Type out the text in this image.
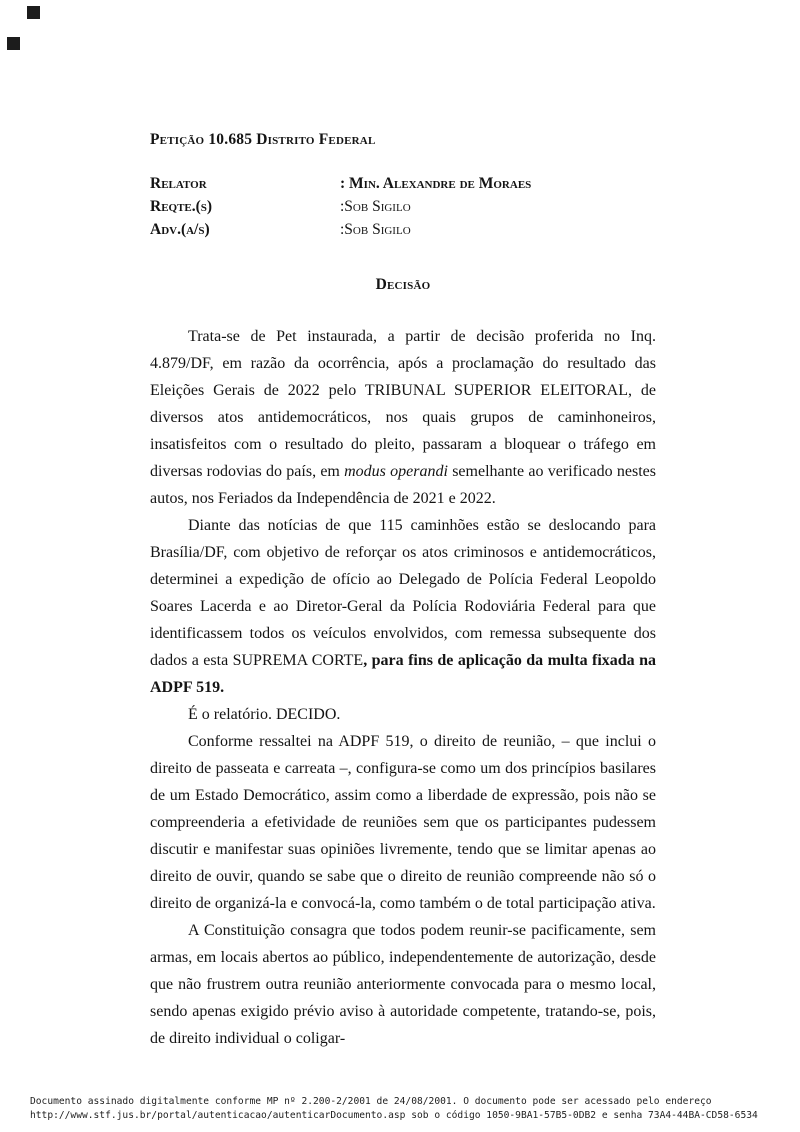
Petição 10.685 Distrito Federal
Relator	: Min. Alexandre de Moraes
Reqte.(s)	:Sob Sigilo
Adv.(a/s)	:Sob Sigilo
Decisão

Trata-se de Pet instaurada, a partir de decisão proferida no Inq. 4.879/DF, em razão da ocorrência, após a proclamação do resultado das Eleições Gerais de 2022 pelo TRIBUNAL SUPERIOR ELEITORAL, de diversos atos antidemocráticos, nos quais grupos de caminhoneiros, insatisfeitos com o resultado do pleito, passaram a bloquear o tráfego em diversas rodovias do país, em modus operandi semelhante ao verificado nestes autos, nos Feriados da Independência de 2021 e 2022.

Diante das notícias de que 115 caminhões estão se deslocando para Brasília/DF, com objetivo de reforçar os atos criminosos e antidemocráticos, determinei a expedição de ofício ao Delegado de Polícia Federal Leopoldo Soares Lacerda e ao Diretor-Geral da Polícia Rodoviária Federal para que identificassem todos os veículos envolvidos, com remessa subsequente dos dados a esta SUPREMA CORTE, para fins de aplicação da multa fixada na ADPF 519.

É o relatório. DECIDO.

Conforme ressaltei na ADPF 519, o direito de reunião, – que inclui o direito de passeata e carreata –, configura-se como um dos princípios basilares de um Estado Democrático, assim como a liberdade de expressão, pois não se compreenderia a efetividade de reuniões sem que os participantes pudessem discutir e manifestar suas opiniões livremente, tendo que se limitar apenas ao direito de ouvir, quando se sabe que o direito de reunião compreende não só o direito de organizá-la e convocá-la, como também o de total participação ativa.

A Constituição consagra que todos podem reunir-se pacificamente, sem armas, em locais abertos ao público, independentemente de autorização, desde que não frustrem outra reunião anteriormente convocada para o mesmo local, sendo apenas exigido prévio aviso à autoridade competente, tratando-se, pois, de direito individual o coligar-

Documento assinado digitalmente conforme MP nº 2.200-2/2001 de 24/08/2001. O documento pode ser acessado pelo endereço
http://www.stf.jus.br/portal/autenticacao/autenticarDocumento.asp sob o código 1050-9BA1-57B5-0DB2 e senha 73A4-44BA-CD58-6534
